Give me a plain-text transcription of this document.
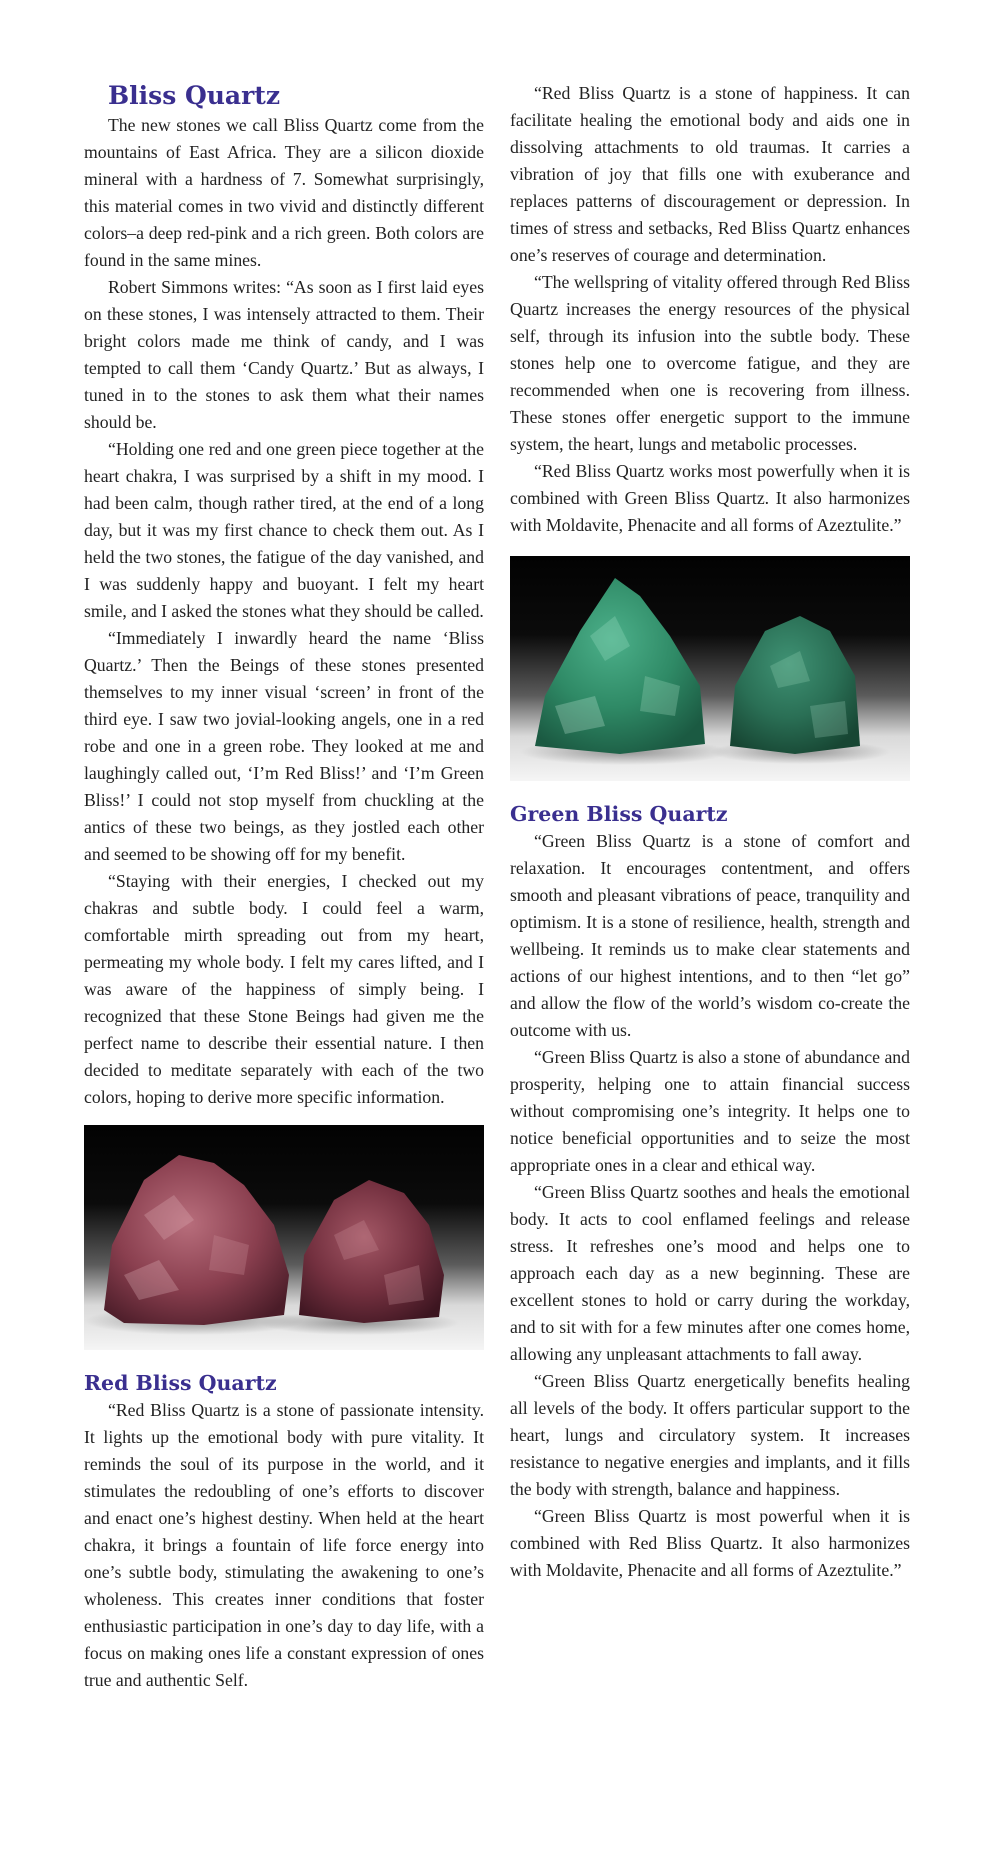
Bliss Quartz

The new stones we call Bliss Quartz come from the mountains of East Africa. They are a silicon dioxide mineral with a hardness of 7. Somewhat surprisingly, this material comes in two vivid and distinctly different colors–a deep red-pink and a rich green. Both colors are found in the same mines.

Robert Simmons writes: “As soon as I first laid eyes on these stones, I was intensely attracted to them. Their bright colors made me think of candy, and I was tempted to call them ‘Candy Quartz.’ But as always, I tuned in to the stones to ask them what their names should be.

“Holding one red and one green piece together at the heart chakra, I was surprised by a shift in my mood. I had been calm, though rather tired, at the end of a long day, but it was my first chance to check them out. As I held the two stones, the fatigue of the day vanished, and I was suddenly happy and buoyant. I felt my heart smile, and I asked the stones what they should be called.

“Immediately I inwardly heard the name ‘Bliss Quartz.’ Then the Beings of these stones presented themselves to my inner visual ‘screen’ in front of the third eye. I saw two jovial-looking angels, one in a red robe and one in a green robe. They looked at me and laughingly called out, ‘I’m Red Bliss!’ and ‘I’m Green Bliss!’ I could not stop myself from chuckling at the antics of these two beings, as they jostled each other and seemed to be showing off for my benefit.

“Staying with their energies, I checked out my chakras and subtle body. I could feel a warm, comfortable mirth spreading out from my heart, permeating my whole body. I felt my cares lifted, and I was aware of the happiness of simply being. I recognized that these Stone Beings had given me the perfect name to describe their essential nature. I then decided to meditate separately with each of the two colors, hoping to derive more specific information.

Red Bliss Quartz

“Red Bliss Quartz is a stone of passionate intensity. It lights up the emotional body with pure vitality. It reminds the soul of its purpose in the world, and it stimulates the redoubling of one’s efforts to discover and enact one’s highest destiny. When held at the heart chakra, it brings a fountain of life force energy into one’s subtle body, stimulating the awakening to one’s wholeness. This creates inner conditions that foster enthusiastic participation in one’s day to day life, with a focus on making ones life a constant expression of ones true and authentic Self.

“Red Bliss Quartz is a stone of happiness. It can facilitate healing the emotional body and aids one in dissolving attachments to old traumas. It carries a vibration of joy that fills one with exuberance and replaces patterns of discouragement or depression. In times of stress and setbacks, Red Bliss Quartz enhances one’s reserves of courage and determination.

“The wellspring of vitality offered through Red Bliss Quartz increases the energy resources of the physical self, through its infusion into the subtle body. These stones help one to overcome fatigue, and they are recommended when one is recovering from illness. These stones offer energetic support to the immune system, the heart, lungs and metabolic processes.

“Red Bliss Quartz works most powerfully when it is combined with Green Bliss Quartz. It also harmonizes with Moldavite, Phenacite and all forms of Azeztulite.”

Green Bliss Quartz

“Green Bliss Quartz is a stone of comfort and relaxation. It encourages contentment, and offers smooth and pleasant vibrations of peace, tranquility and optimism. It is a stone of resilience, health, strength and wellbeing. It reminds us to make clear statements and actions of our highest intentions, and to then “let go” and allow the flow of the world’s wisdom co-create the outcome with us.

“Green Bliss Quartz is also a stone of abundance and prosperity, helping one to attain financial success without compromising one’s integrity. It helps one to notice beneficial opportunities and to seize the most appropriate ones in a clear and ethical way.

“Green Bliss Quartz soothes and heals the emotional body. It acts to cool enflamed feelings and release stress. It refreshes one’s mood and helps one to approach each day as a new beginning. These are excellent stones to hold or carry during the workday, and to sit with for a few minutes after one comes home, allowing any unpleasant attachments to fall away.

“Green Bliss Quartz energetically benefits healing all levels of the body. It offers particular support to the heart, lungs and circulatory system. It increases resistance to negative energies and implants, and it fills the body with strength, balance and happiness.

“Green Bliss Quartz is most powerful when it is combined with Red Bliss Quartz. It also harmonizes with Moldavite, Phenacite and all forms of Azeztulite.”
